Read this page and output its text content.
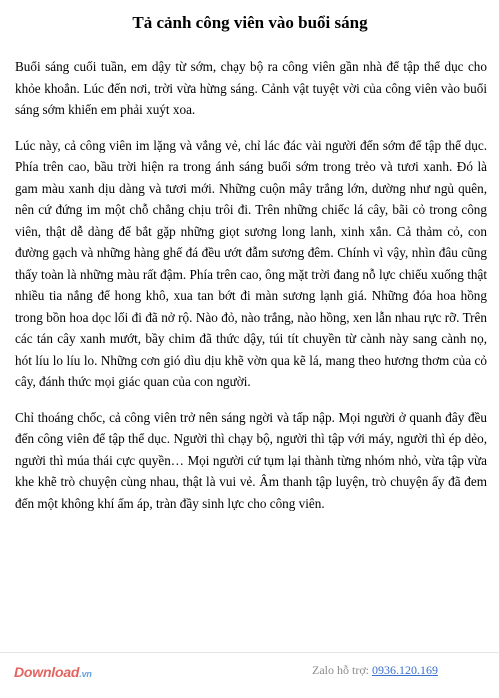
Tả cảnh công viên vào buổi sáng

Buổi sáng cuối tuần, em dậy từ sớm, chạy bộ ra công viên gần nhà để tập thể dục cho khỏe khoắn. Lúc đến nơi, trời vừa hừng sáng. Cảnh vật tuyệt vời của công viên vào buổi sáng sớm khiến em phải xuýt xoa.

Lúc này, cả công viên im lặng và vắng vẻ, chỉ lác đác vài người đến sớm để tập thể dục. Phía trên cao, bầu trời hiện ra trong ánh sáng buổi sớm trong trẻo và tươi xanh. Đó là gam màu xanh dịu dàng và tươi mới. Những cuộn mây trắng lớn, dường như ngủ quên, nên cứ đứng im một chỗ chẳng chịu trôi đi. Trên những chiếc lá cây, bãi cỏ trong công viên, thật dễ dàng để bắt gặp những giọt sương long lanh, xinh xắn. Cả thảm cỏ, con đường gạch và những hàng ghế đá đều ướt đẫm sương đêm. Chính vì vậy, nhìn đâu cũng thấy toàn là những màu rất đậm. Phía trên cao, ông mặt trời đang nỗ lực chiếu xuống thật nhiều tia nắng để hong khô, xua tan bớt đi màn sương lạnh giá. Những đóa hoa hồng trong bồn hoa dọc lối đi đã nở rộ. Nào đỏ, nào trắng, nào hồng, xen lẫn nhau rực rỡ. Trên các tán cây xanh mướt, bầy chim đã thức dậy, túi tít chuyền từ cành này sang cành nọ, hót líu lo líu lo. Những cơn gió dìu dịu khẽ vờn qua kẽ lá, mang theo hương thơm của cỏ cây, đánh thức mọi giác quan của con người.

Chỉ thoáng chốc, cả công viên trở nên sáng ngời và tấp nập. Mọi người ở quanh đây đều đến công viên để tập thể dục. Người thì chạy bộ, người thì tập với máy, người thì ép dẻo, người thì múa thái cực quyền… Mọi người cứ tụm lại thành từng nhóm nhỏ, vừa tập vừa khe khẽ trò chuyện cùng nhau, thật là vui vẻ. Âm thanh tập luyện, trò chuyện ấy đã đem đến một không khí ấm áp, tràn đầy sinh lực cho công viên.

Download.vn	Zalo hỗ trợ: 0936.120.169
